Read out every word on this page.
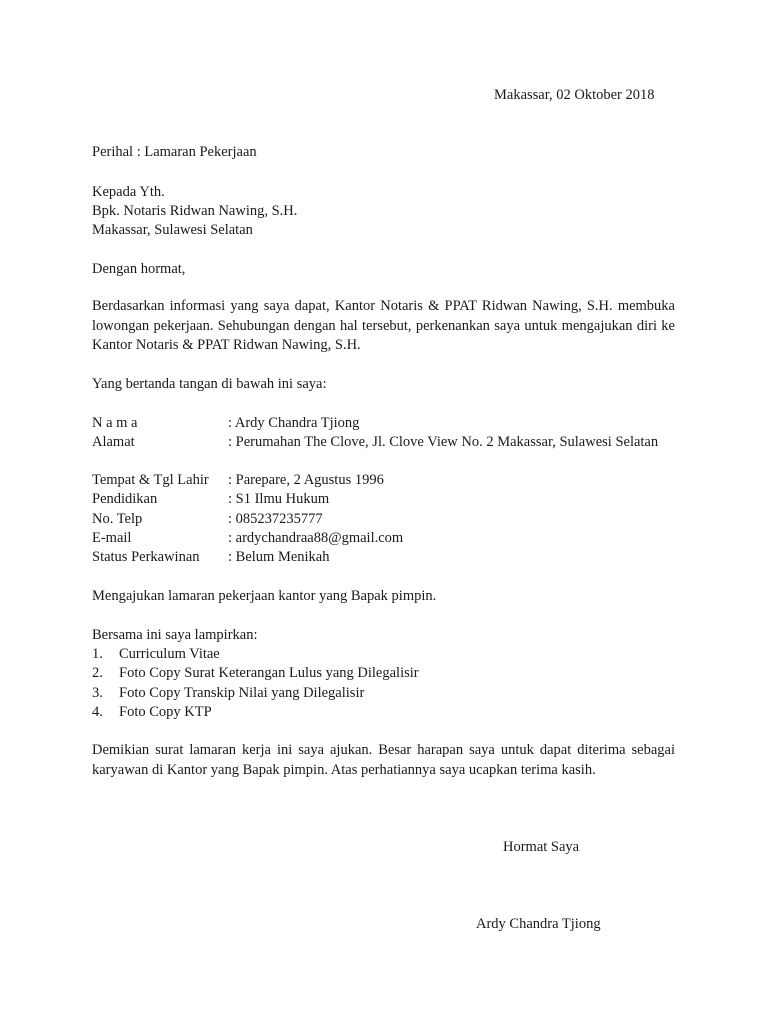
Makassar, 02 Oktober 2018
Perihal : Lamaran Pekerjaan
Kepada Yth.
Bpk. Notaris Ridwan Nawing, S.H.
Makassar, Sulawesi Selatan
Dengan hormat,
Berdasarkan informasi yang saya dapat, Kantor Notaris & PPAT Ridwan Nawing, S.H. membuka lowongan pekerjaan. Sehubungan dengan hal tersebut, perkenankan saya untuk mengajukan diri ke Kantor Notaris & PPAT Ridwan Nawing, S.H.
Yang bertanda tangan di bawah ini saya:
N a m a	: Ardy Chandra Tjiong
Alamat	: Perumahan The Clove, Jl. Clove View No. 2 Makassar, Sulawesi Selatan
Tempat & Tgl Lahir	: Parepare, 2 Agustus 1996
Pendidikan	: S1 Ilmu Hukum
No. Telp	: 085237235777
E-mail	: ardychandraa88@gmail.com
Status Perkawinan	: Belum Menikah
Mengajukan lamaran pekerjaan kantor yang Bapak pimpin.
Bersama ini saya lampirkan:
1.	Curriculum Vitae
2.	Foto Copy Surat Keterangan Lulus yang Dilegalisir
3.	Foto Copy Transkip Nilai yang Dilegalisir
4.	Foto Copy KTP
Demikian surat lamaran kerja ini saya ajukan. Besar harapan saya untuk dapat diterima sebagai karyawan di Kantor yang Bapak pimpin. Atas perhatiannya saya ucapkan terima kasih.
Hormat Saya
Ardy Chandra Tjiong
